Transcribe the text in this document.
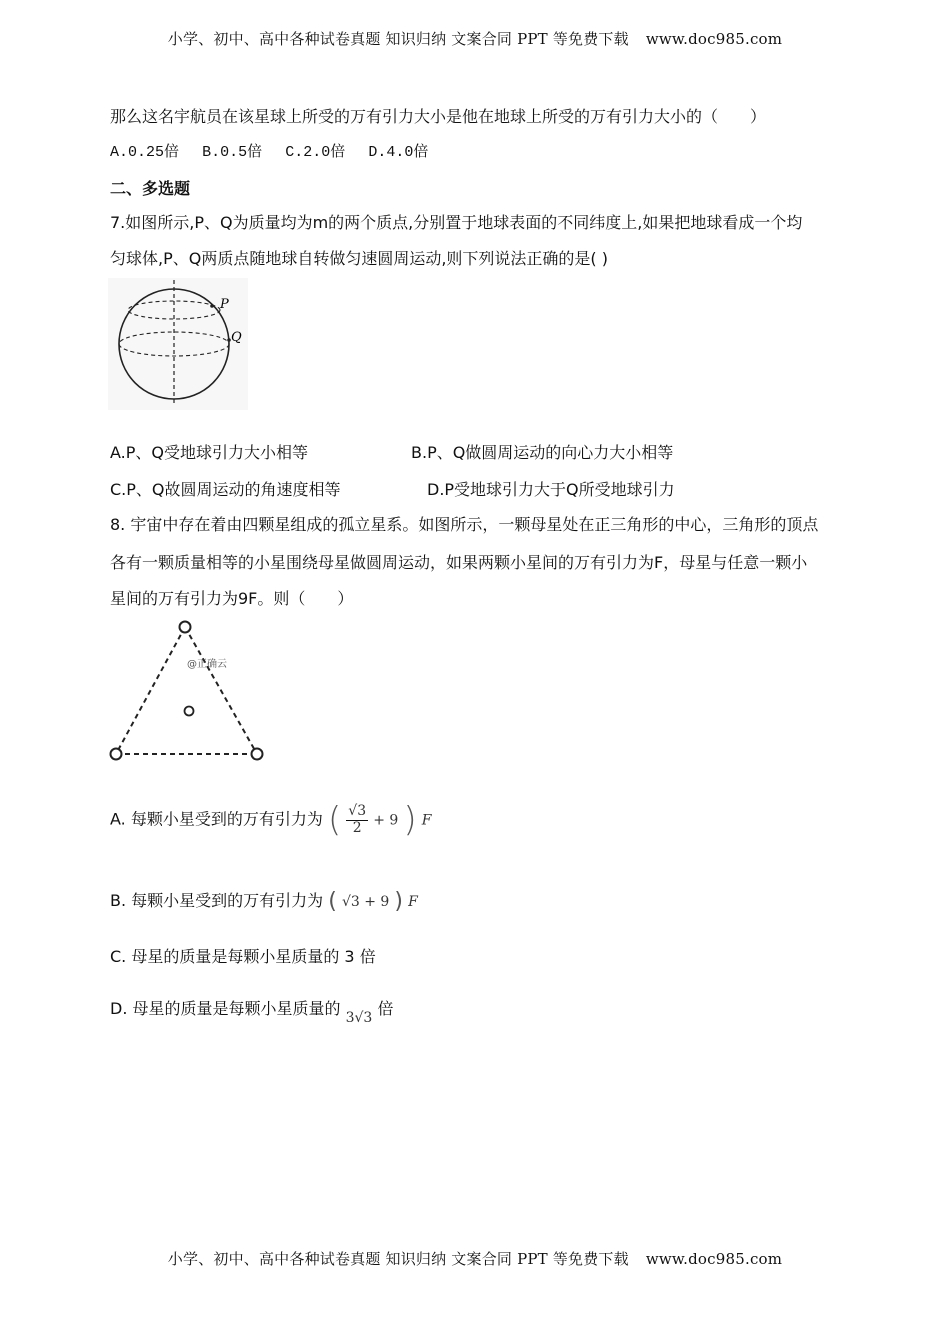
小学、初中、高中各种试卷真题 知识归纳 文案合同 PPT 等免费下载 www.doc985.com
那么这名宇航员在该星球上所受的万有引力大小是他在地球上所受的万有引力大小的（　　）
A.0.25倍 B.0.5倍 C.2.0倍 D.4.0倍
二、多选题
7.如图所示,P、Q为质量均为m的两个质点,分别置于地球表面的不同纬度上,如果把地球看成一个均
匀球体,P、Q两质点随地球自转做匀速圆周运动,则下列说法正确的是( )
P
Q
A.P、Q受地球引力大小相等	B.P、Q做圆周运动的向心力大小相等
C.P、Q故圆周运动的角速度相等	D.P受地球引力大于Q所受地球引力
8. 宇宙中存在着由四颗星组成的孤立星系。如图所示，一颗母星处在正三角形的中心，三角形的顶点
各有一颗质量相等的小星围绕母星做圆周运动，如果两颗小星间的万有引力为F，母星与任意一颗小
星间的万有引力为9F。则（　　）
@正确云
A. 每颗小星受到的万有引力为 ( $\frac{√3}{2} + 9$ ) F
B. 每颗小星受到的万有引力为 ( √3 + 9 ) F
C. 母星的质量是每颗小星质量的 3 倍
D. 母星的质量是每颗小星质量的 3√3 倍
小学、初中、高中各种试卷真题 知识归纳 文案合同 PPT 等免费下载 www.doc985.com
